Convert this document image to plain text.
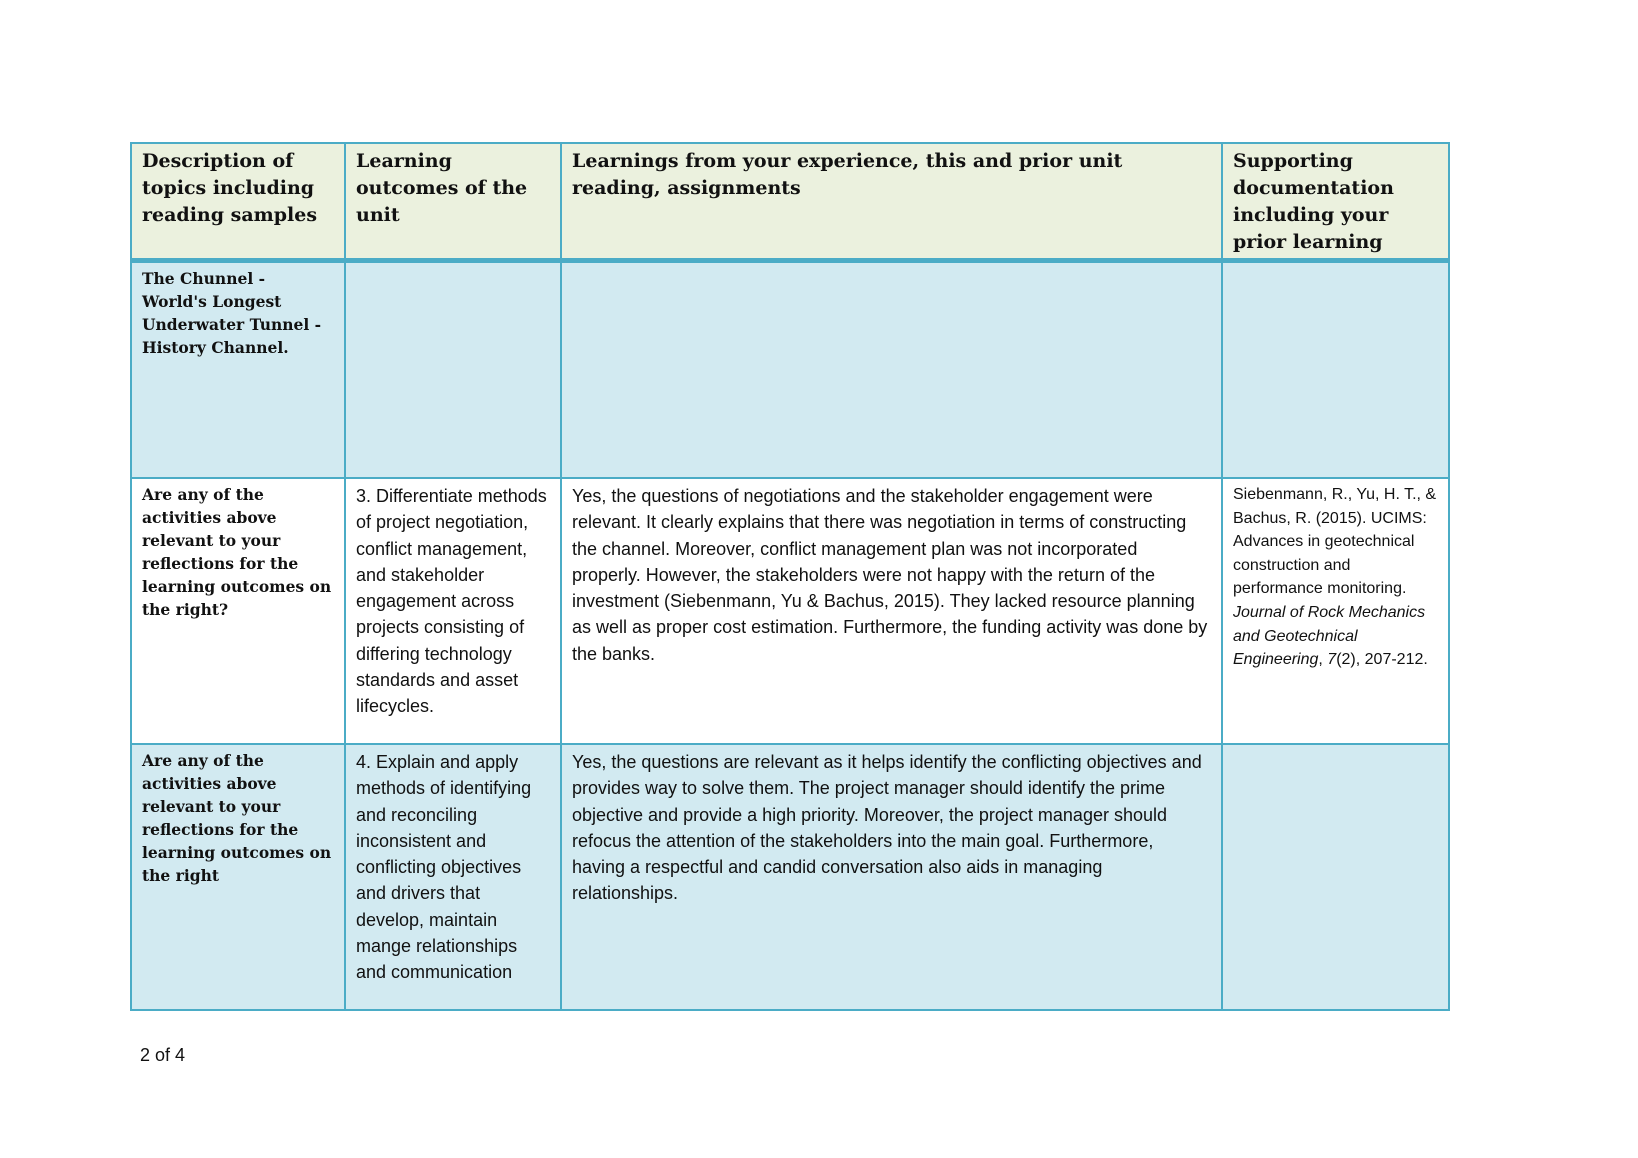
Description of topics including reading samples	Learning outcomes of the unit	Learnings from your experience, this and prior unit reading, assignments	Supporting documentation including your prior learning
The Chunnel - World's Longest Underwater Tunnel - History Channel.			
Are any of the activities above relevant to your reflections for the learning outcomes on the right?	3. Differentiate methods of project negotiation, conflict management, and stakeholder engagement across projects consisting of differing technology standards and asset lifecycles.	Yes, the questions of negotiations and the stakeholder engagement were relevant. It clearly explains that there was negotiation in terms of constructing the channel. Moreover, conflict management plan was not incorporated properly. However, the stakeholders were not happy with the return of the investment (Siebenmann, Yu & Bachus, 2015). They lacked resource planning as well as proper cost estimation. Furthermore, the funding activity was done by the banks.	Siebenmann, R., Yu, H. T., & Bachus, R. (2015). UCIMS: Advances in geotechnical construction and performance monitoring. Journal of Rock Mechanics and Geotechnical Engineering, 7(2), 207-212.
Are any of the activities above relevant to your reflections for the learning outcomes on the right	4. Explain and apply methods of identifying and reconciling inconsistent and conflicting objectives and drivers that develop, maintain mange relationships and communication	Yes, the questions are relevant as it helps identify the conflicting objectives and provides way to solve them. The project manager should identify the prime objective and provide a high priority. Moreover, the project manager should refocus the attention of the stakeholders into the main goal. Furthermore, having a respectful and candid conversation also aids in managing relationships.	
2 of 4
